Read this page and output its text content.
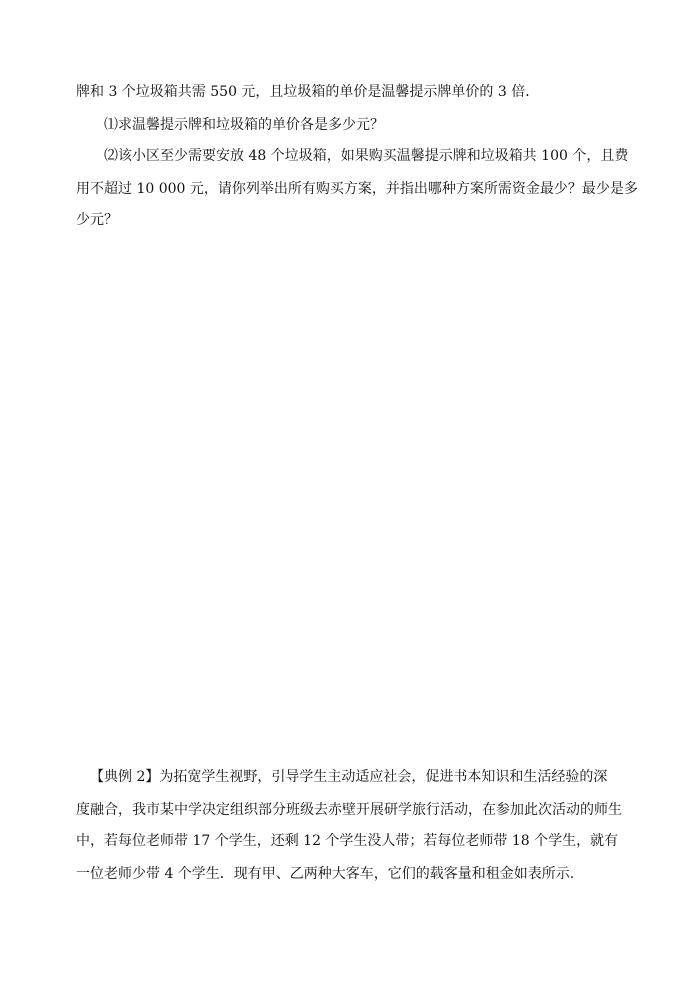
牌和 3 个垃圾箱共需 550 元，且垃圾箱的单价是温馨提示牌单价的 3 倍．
⑴求温馨提示牌和垃圾箱的单价各是多少元？
⑵该小区至少需要安放 48 个垃圾箱，如果购买温馨提示牌和垃圾箱共 100 个，且费
用不超过 10 000 元，请你列举出所有购买方案，并指出哪种方案所需资金最少？最少是多
少元？
【典例 2】为拓宽学生视野，引导学生主动适应社会，促进书本知识和生活经验的深
度融合，我市某中学决定组织部分班级去赤壁开展研学旅行活动，在参加此次活动的师生
中，若每位老师带 17 个学生，还剩 12 个学生没人带；若每位老师带 18 个学生，就有
一位老师少带 4 个学生．现有甲、乙两种大客车，它们的载客量和租金如表所示.
